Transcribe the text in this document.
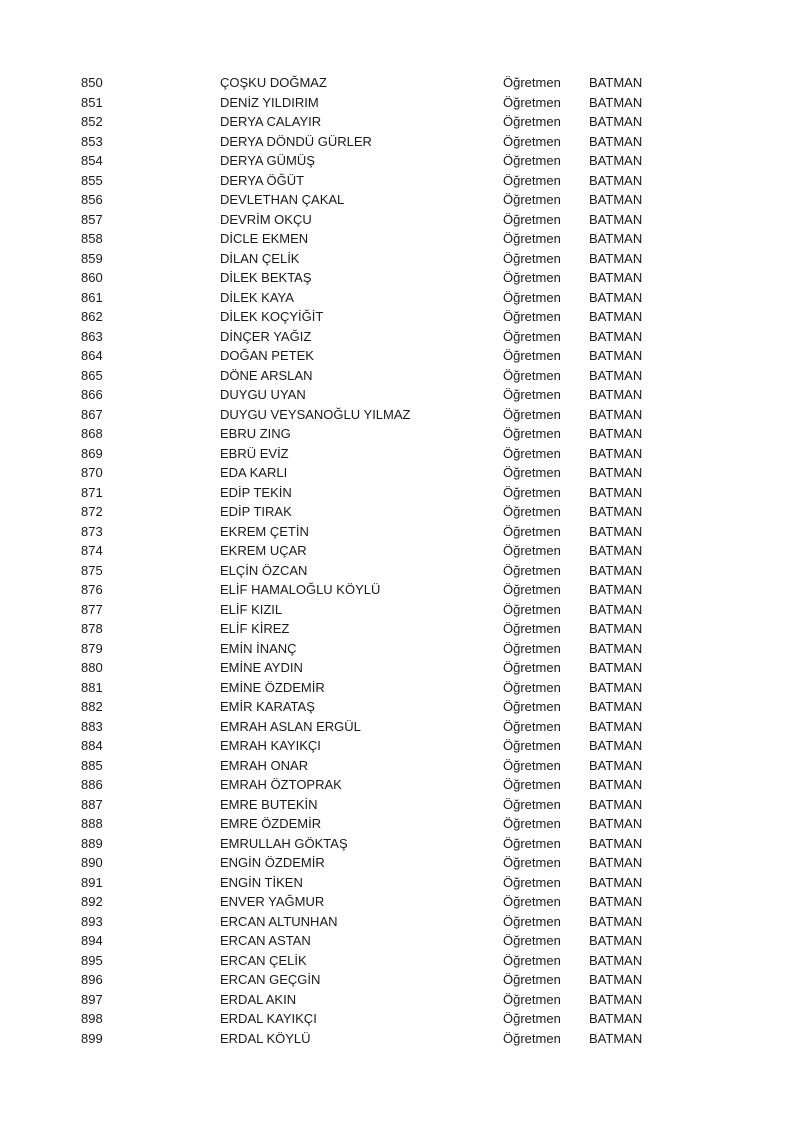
850	ÇOŞKU DOĞMAZ	Öğretmen BATMAN
851	DENİZ YILDIRIM	Öğretmen BATMAN
852	DERYA CALAYIR	Öğretmen BATMAN
853	DERYA DÖNDÜ GÜRLER	Öğretmen BATMAN
854	DERYA GÜMÜŞ	Öğretmen BATMAN
855	DERYA ÖĞÜT	Öğretmen BATMAN
856	DEVLETHAN ÇAKAL	Öğretmen BATMAN
857	DEVRİM OKÇU	Öğretmen BATMAN
858	DİCLE EKMEN	Öğretmen BATMAN
859	DİLAN ÇELİK	Öğretmen BATMAN
860	DİLEK BEKTAŞ	Öğretmen BATMAN
861	DİLEK KAYA	Öğretmen BATMAN
862	DİLEK KOÇYİĞİT	Öğretmen BATMAN
863	DİNÇER YAĞIZ	Öğretmen BATMAN
864	DOĞAN PETEK	Öğretmen BATMAN
865	DÖNE ARSLAN	Öğretmen BATMAN
866	DUYGU UYAN	Öğretmen BATMAN
867	DUYGU VEYSANOĞLU YILMAZ	Öğretmen BATMAN
868	EBRU ZING	Öğretmen BATMAN
869	EBRÜ EVİZ	Öğretmen BATMAN
870	EDA KARLI	Öğretmen BATMAN
871	EDİP TEKİN	Öğretmen BATMAN
872	EDİP TIRAK	Öğretmen BATMAN
873	EKREM ÇETİN	Öğretmen BATMAN
874	EKREM UÇAR	Öğretmen BATMAN
875	ELÇİN ÖZCAN	Öğretmen BATMAN
876	ELİF HAMALOĞLU KÖYLÜ	Öğretmen BATMAN
877	ELİF KIZIL	Öğretmen BATMAN
878	ELİF KİREZ	Öğretmen BATMAN
879	EMİN İNANÇ	Öğretmen BATMAN
880	EMİNE AYDIN	Öğretmen BATMAN
881	EMİNE ÖZDEMİR	Öğretmen BATMAN
882	EMİR KARATAŞ	Öğretmen BATMAN
883	EMRAH ASLAN ERGÜL	Öğretmen BATMAN
884	EMRAH KAYIKÇI	Öğretmen BATMAN
885	EMRAH ONAR	Öğretmen BATMAN
886	EMRAH ÖZTOPRAK	Öğretmen BATMAN
887	EMRE BUTEKİN	Öğretmen BATMAN
888	EMRE ÖZDEMİR	Öğretmen BATMAN
889	EMRULLAH GÖKTAŞ	Öğretmen BATMAN
890	ENGİN ÖZDEMİR	Öğretmen BATMAN
891	ENGİN TİKEN	Öğretmen BATMAN
892	ENVER YAĞMUR	Öğretmen BATMAN
893	ERCAN ALTUNHAN	Öğretmen BATMAN
894	ERCAN ASTAN	Öğretmen BATMAN
895	ERCAN ÇELİK	Öğretmen BATMAN
896	ERCAN GEÇGİN	Öğretmen BATMAN
897	ERDAL AKIN	Öğretmen BATMAN
898	ERDAL KAYIKÇI	Öğretmen BATMAN
899	ERDAL KÖYLÜ	Öğretmen BATMAN
